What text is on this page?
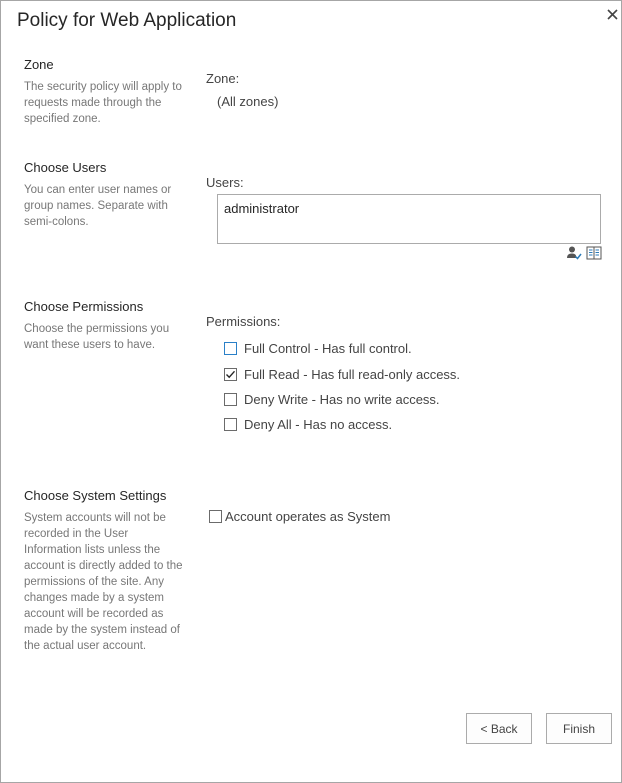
Policy for Web Application
Zone
The security policy will apply to requests made through the specified zone.
Zone:
(All zones)
Choose Users
You can enter user names or group names. Separate with semi-colons.
Users:
administrator
Choose Permissions
Choose the permissions you want these users to have.
Permissions:
Full Control - Has full control.
Full Read - Has full read-only access.
Deny Write - Has no write access.
Deny All - Has no access.
Choose System Settings
System accounts will not be recorded in the User Information lists unless the account is directly added to the permissions of the site. Any changes made by a system account will be recorded as made by the system instead of the actual user account.
Account operates as System
< Back	Finish
